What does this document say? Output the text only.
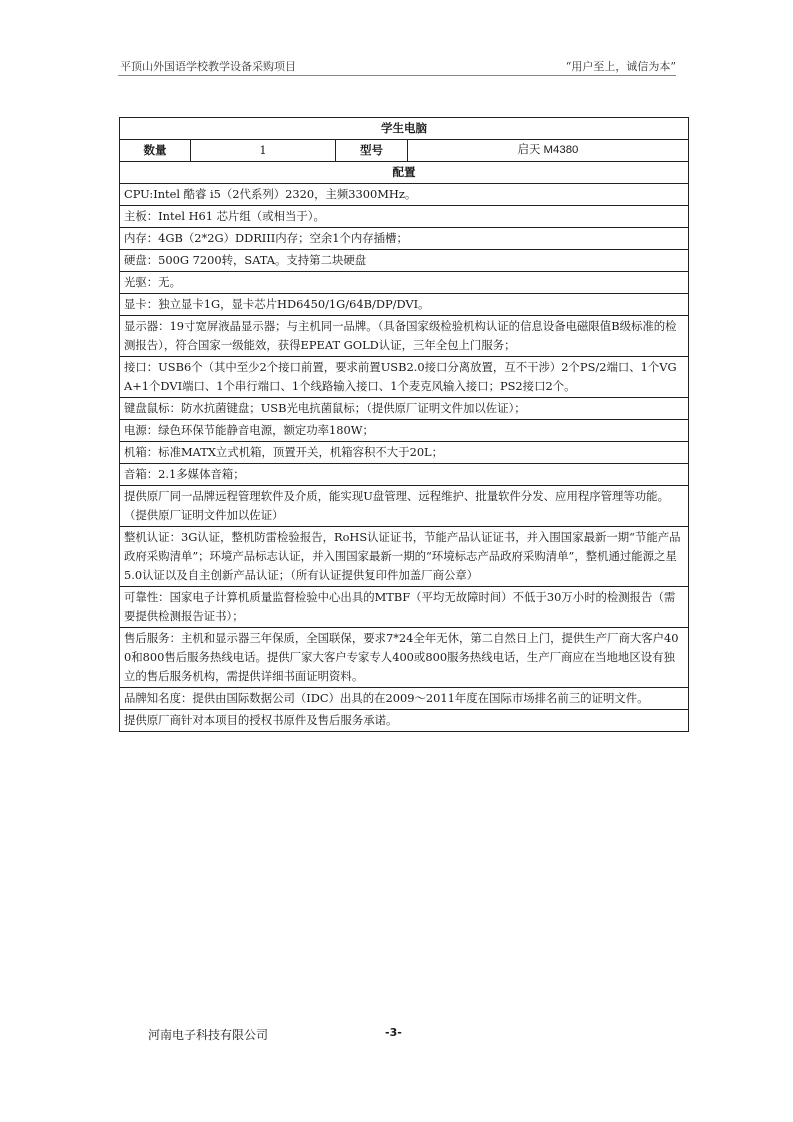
平顶山外国语学校教学设备采购项目	“用户至上，诚信为本”
学生电脑
数量	1	型号	启天 M4380
配置
CPU:Intel 酷睿 i5（2代系列）2320，主频3300MHz。
主板：Intel H61 芯片组（或相当于）。
内存：4GB（2*2G）DDRIII内存；空余1个内存插槽；
硬盘：500G 7200转，SATA。支持第二块硬盘
光驱：无。
显卡：独立显卡1G，显卡芯片HD6450/1G/64B/DP/DVI。
显示器：19寸宽屏液晶显示器；与主机同一品牌。（具备国家级检验机构认证的信息设备电磁限值B级标准的检测报告），符合国家一级能效，获得EPEAT GOLD认证，三年全包上门服务；
接口：USB6个（其中至少2个接口前置，要求前置USB2.0接口分离放置，互不干涉）2个PS/2端口、1个VGA+1个DVI端口、1个串行端口、1个线路输入接口、1个麦克风输入接口；PS2接口2个。
键盘鼠标：防水抗菌键盘；USB光电抗菌鼠标；（提供原厂证明文件加以佐证）；
电源：绿色环保节能静音电源，额定功率180W；
机箱：标准MATX立式机箱，顶置开关，机箱容积不大于20L；
音箱：2.1多媒体音箱；
提供原厂同一品牌远程管理软件及介质，能实现U盘管理、远程维护、批量软件分发、应用程序管理等功能。（提供原厂证明文件加以佐证）
整机认证：3G认证，整机防雷检验报告，RoHS认证证书，节能产品认证证书，并入围国家最新一期“节能产品政府采购清单”；环境产品标志认证，并入围国家最新一期的“环境标志产品政府采购清单”，整机通过能源之星5.0认证以及自主创新产品认证；（所有认证提供复印件加盖厂商公章）
可靠性：国家电子计算机质量监督检验中心出具的MTBF（平均无故障时间）不低于30万小时的检测报告（需要提供检测报告证书）；
售后服务：主机和显示器三年保质，全国联保，要求7*24全年无休，第二自然日上门，提供生产厂商大客户400和800售后服务热线电话。提供厂家大客户专家专人400或800服务热线电话，生产厂商应在当地地区设有独立的售后服务机构，需提供详细书面证明资料。
品牌知名度：提供由国际数据公司（IDC）出具的在2009～2011年度在国际市场排名前三的证明文件。
提供原厂商针对本项目的授权书原件及售后服务承诺。
河南电子科技有限公司	-3-
